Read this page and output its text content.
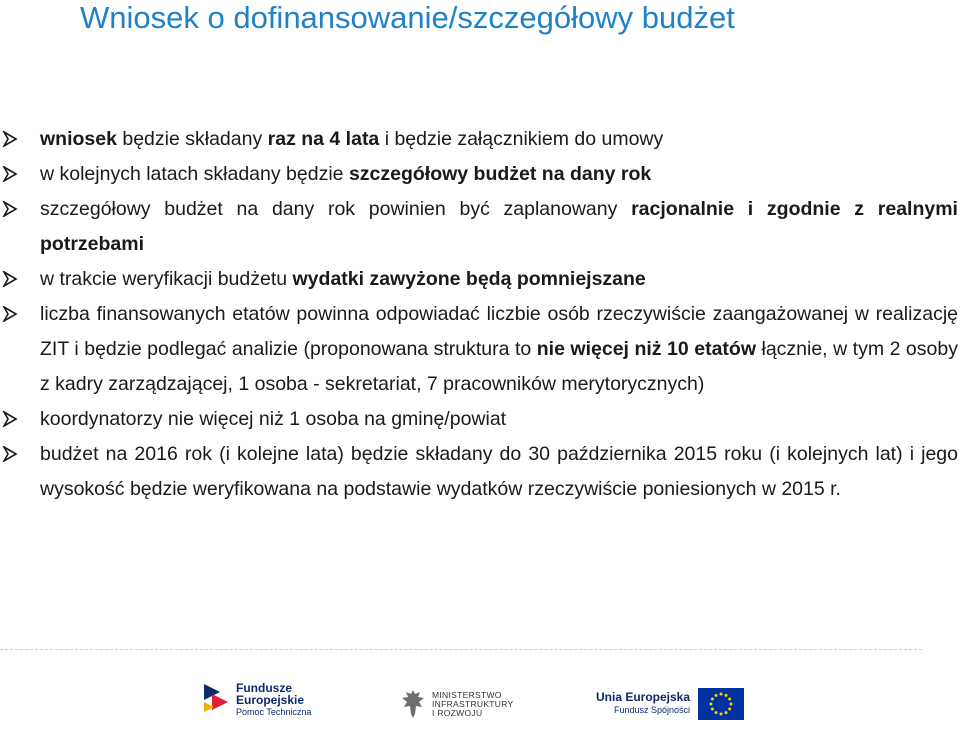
Wniosek o dofinansowanie/szczegółowy budżet
wniosek będzie składany raz na 4 lata i będzie załącznikiem do umowy
w kolejnych latach składany będzie szczegółowy budżet na dany rok
szczegółowy budżet na dany rok powinien być zaplanowany racjonalnie i zgodnie z realnymi potrzebami
w trakcie weryfikacji budżetu wydatki zawyżone będą pomniejszane
liczba finansowanych etatów powinna odpowiadać liczbie osób rzeczywiście zaangażowanej w realizację ZIT i będzie podlegać analizie (proponowana struktura to nie więcej niż 10 etatów łącznie, w tym 2 osoby z kadry zarządzającej, 1 osoba - sekretariat, 7 pracowników merytorycznych)
koordynatorzy nie więcej niż 1 osoba na gminę/powiat
budżet na 2016 rok (i kolejne lata) będzie składany do 30 października 2015 roku (i kolejnych lat) i jego wysokość będzie weryfikowana na podstawie wydatków rzeczywiście poniesionych w 2015 r.
Fundusze
Europejskie
Pomoc Techniczna
MINISTERSTWO
INFRASTRUKTURY
I ROZWOJU
Unia Europejska
Fundusz Spójności
